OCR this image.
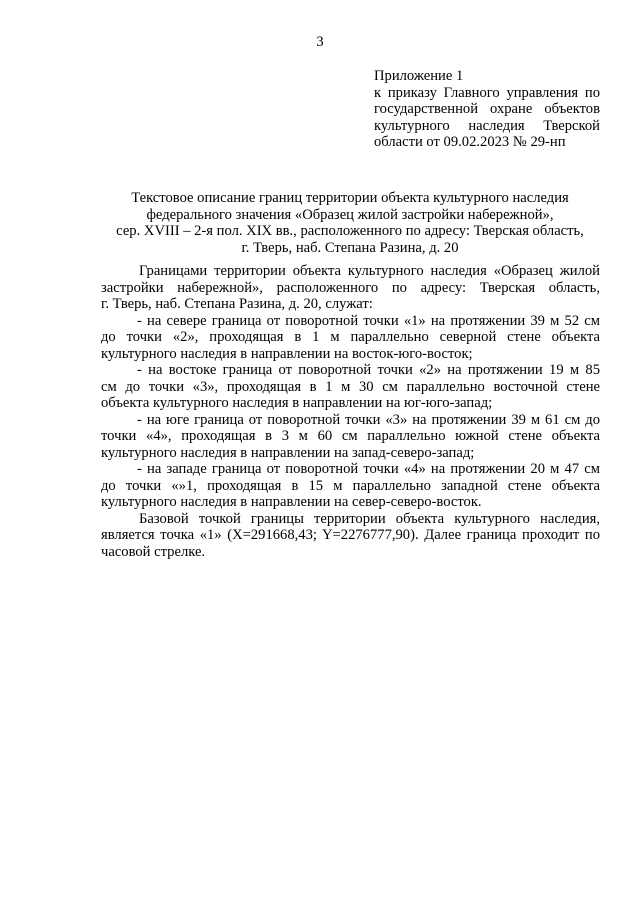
3
Приложение 1
к приказу Главного управления по
государственной охране объектов
культурного наследия Тверской
области от 09.02.2023 № 29-нп
Текстовое описание границ территории объекта культурного наследия
федерального значения «Образец жилой застройки набережной»,
сер. XVIII – 2-я пол. XIX вв., расположенного по адресу: Тверская область,
г. Тверь, наб. Степана Разина, д. 20
Границами территории объекта культурного наследия «Образец жилой
застройки набережной», расположенного по адресу: Тверская область,
г. Тверь, наб. Степана Разина, д. 20, служат:
- на севере граница от поворотной точки «1» на протяжении 39 м 52 см
до точки «2», проходящая в 1 м параллельно северной стене объекта
культурного наследия в направлении на восток-юго-восток;
- на востоке граница от поворотной точки «2» на протяжении 19 м 85
см до точки «3», проходящая в 1 м 30 см параллельно восточной стене
объекта культурного наследия в направлении на юг-юго-запад;
- на юге граница от поворотной точки «3» на протяжении 39 м 61 см до
точки «4», проходящая в 3 м 60 см параллельно южной стене объекта
культурного наследия в направлении на запад-северо-запад;
- на западе граница от поворотной точки «4» на протяжении 20 м 47 см
до точки «»1, проходящая в 15 м параллельно западной стене объекта
культурного наследия в направлении на север-северо-восток.
Базовой точкой границы территории объекта культурного наследия,
является точка «1» (X=291668,43; Y=2276777,90). Далее граница проходит по
часовой стрелке.
